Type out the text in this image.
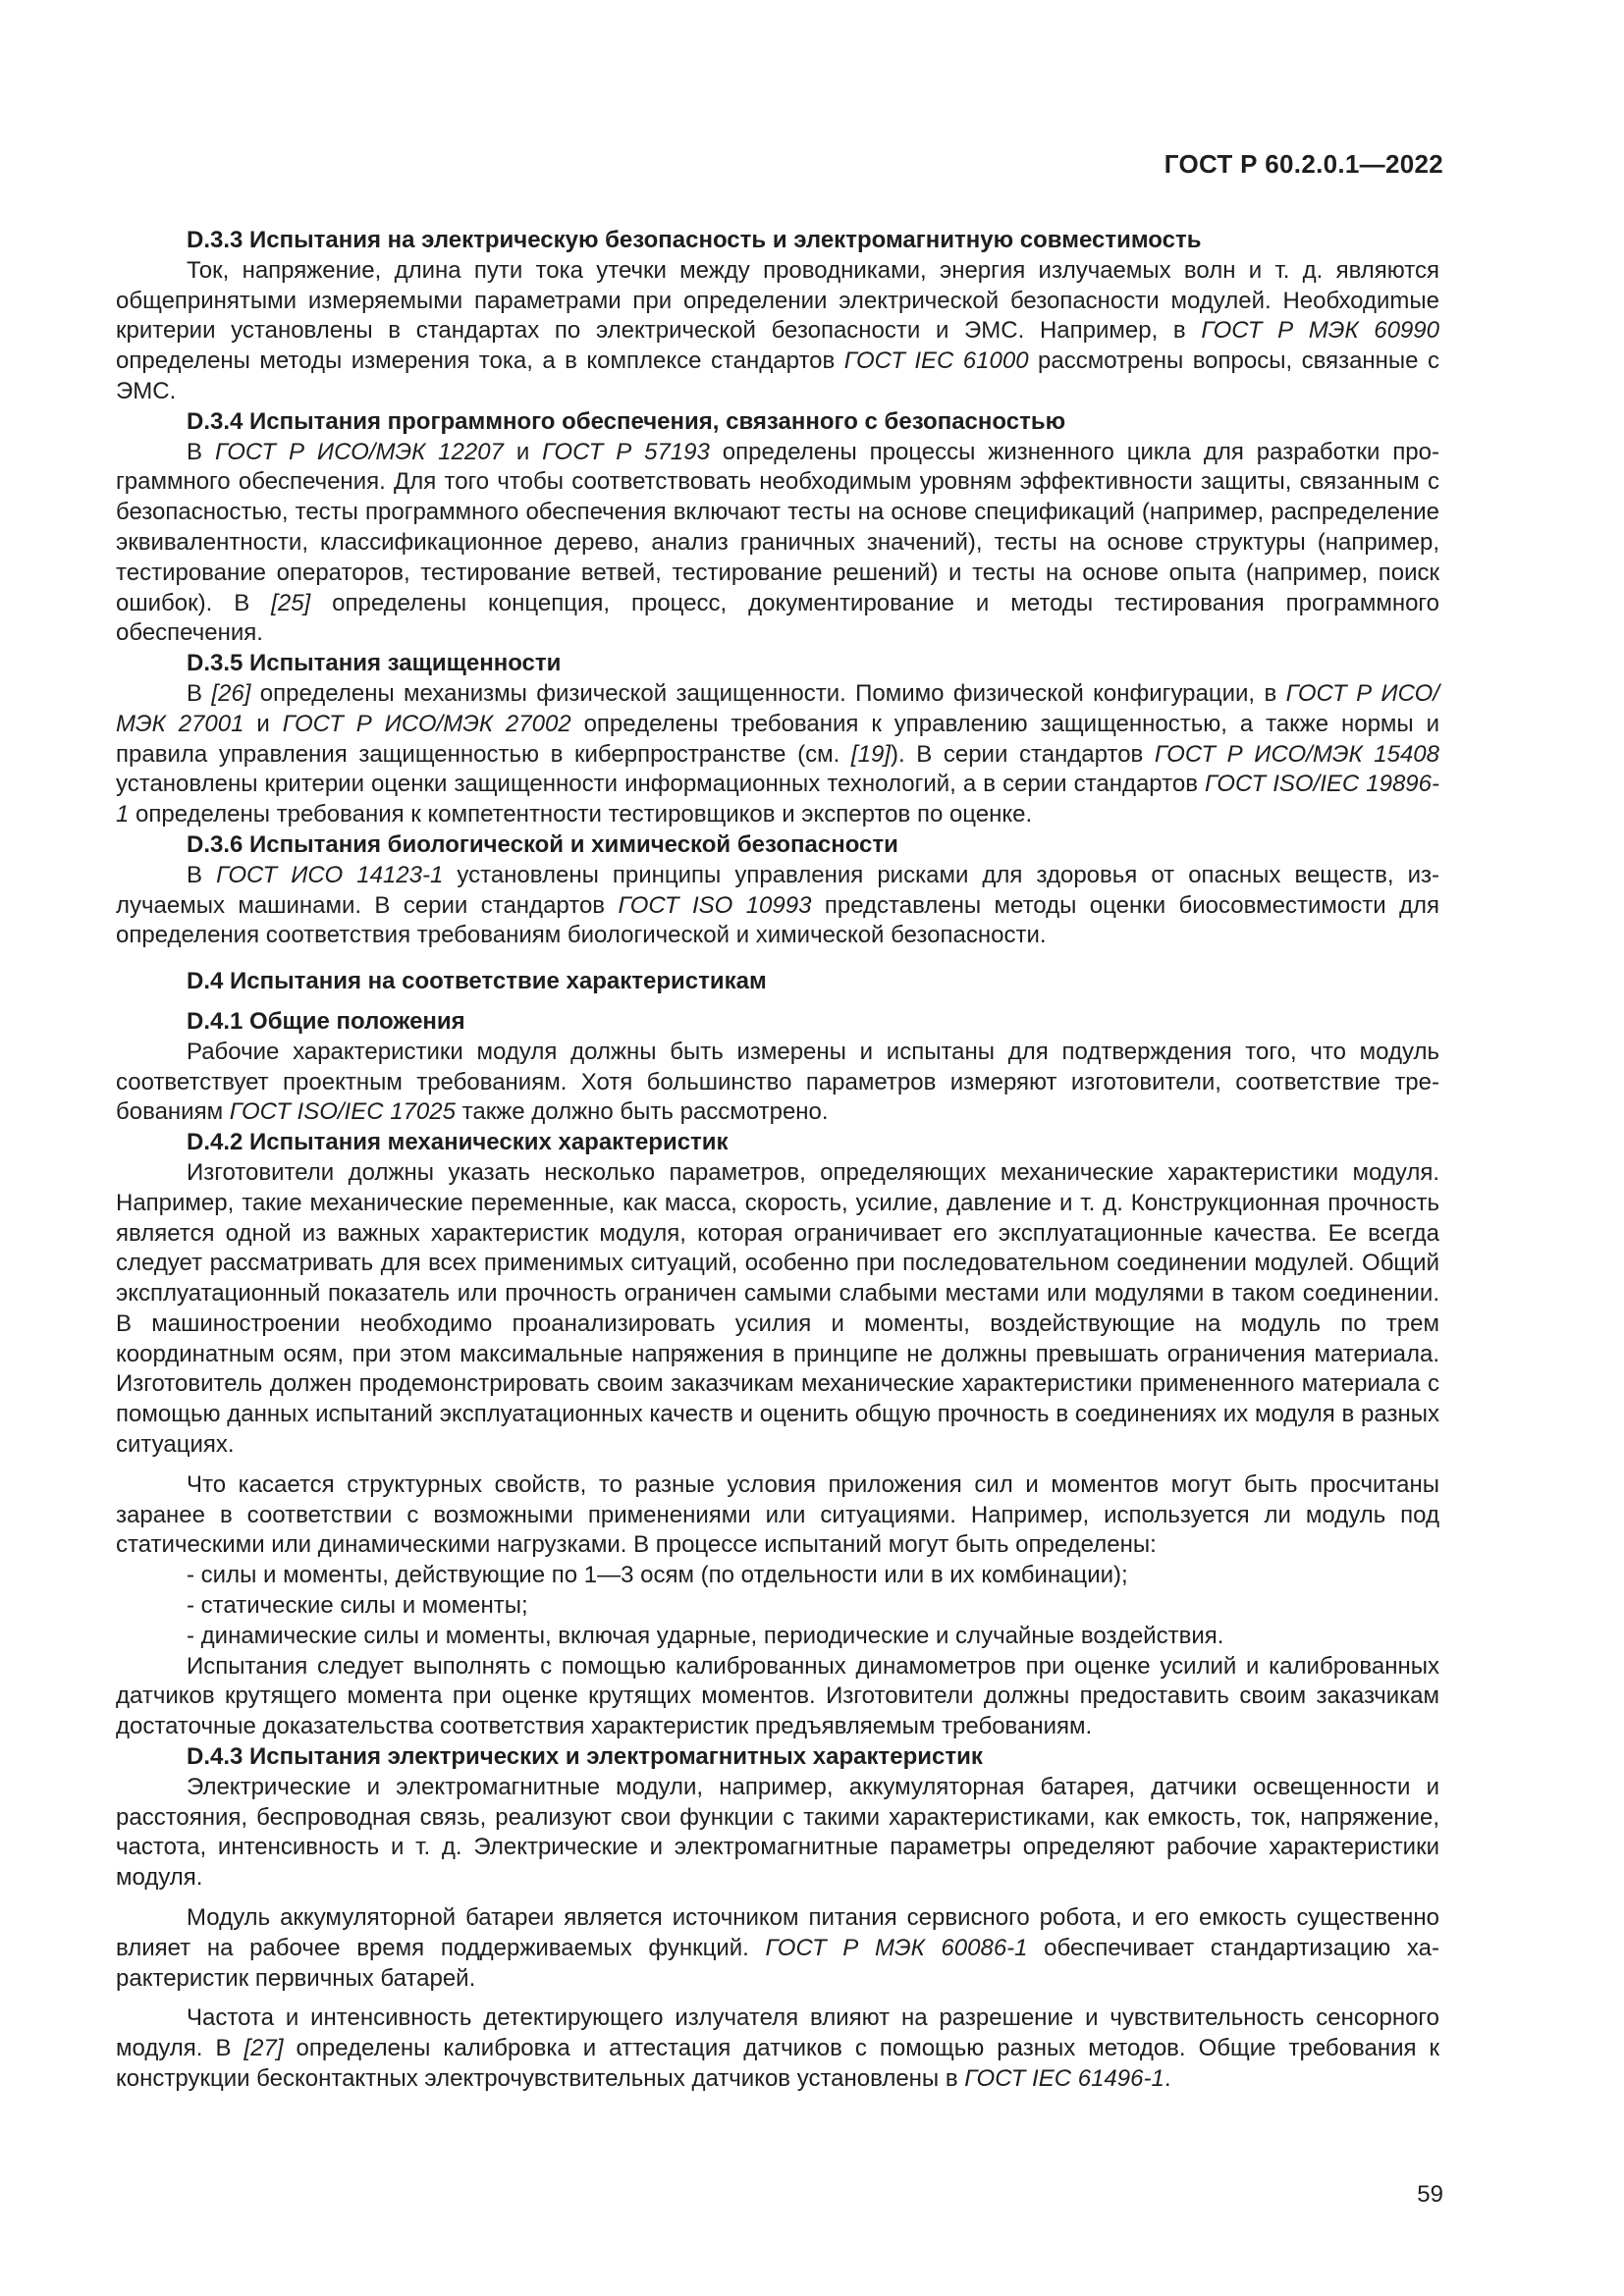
ГОСТ Р 60.2.0.1—2022
D.3.3 Испытания на электрическую безопасность и электромагнитную совместимость

Ток, напряжение, длина пути тока утечки между проводниками, энергия излучаемых волн и т. д. являются общепринятыми измеряемыми параметрами при определении электрической безопасности модулей. Необходиmые критерии установлены в стандартах по электрической безопасности и ЭМС. Например, в ГОСТ Р МЭК 60990 определены методы измерения тока, а в комплексе стандартов ГОСТ IEC 61000 рассмотрены вопросы, связанные с ЭМС.

D.3.4 Испытания программного обеспечения, связанного с безопасностью

В ГОСТ Р ИСО/МЭК 12207 и ГОСТ Р 57193 определены процессы жизненного цикла для разработки программного обеспечения. Для того чтобы соответствовать необходимым уровням эффективности защиты, связанным с безопасностью, тесты программного обеспечения включают тесты на основе спецификаций (например, распределение эквивалентности, классификационное дерево, анализ граничных значений), тесты на основе структуры (например, тестирование операторов, тестирование ветвей, тестирование решений) и тесты на основе опыта (например, поиск ошибок). В [25] определены концепция, процесс, документирование и методы тестирования программного обеспечения.

D.3.5 Испытания защищенности

В [26] определены механизмы физической защищенности. Помимо физической конфигурации, в ГОСТ Р ИСО/МЭК 27001 и ГОСТ Р ИСО/МЭК 27002 определены требования к управлению защищенностью, а также нормы и правила управления защищенностью в киберпространстве (см. [19]). В серии стандартов ГОСТ Р ИСО/МЭК 15408 установлены критерии оценки защищенности информационных технологий, а в серии стандартов ГОСТ ISO/IEC 19896-1 определены требования к компетентности тестировщиков и экспертов по оценке.

D.3.6 Испытания биологической и химической безопасности

В ГОСТ ИСО 14123-1 установлены принципы управления рисками для здоровья от опасных веществ, излучаемых машинами. В серии стандартов ГОСТ ISO 10993 представлены методы оценки биосовместимости для определения соответствия требованиям биологической и химической безопасности.

D.4 Испытания на соответствие характеристикам
D.4.1 Общие положения

Рабочие характеристики модуля должны быть измерены и испытаны для подтверждения того, что модуль соответствует проектным требованиям. Хотя большинство параметров измеряют изготовители, соответствие требованиям ГОСТ ISO/IEC 17025 также должно быть рассмотрено.

D.4.2 Испытания механических характеристик

Изготовители должны указать несколько параметров, определяющих механические характеристики модуля. Например, такие механические переменные, как масса, скорость, усилие, давление и т. д. Конструкционная прочность является одной из важных характеристик модуля, которая ограничивает его эксплуатационные качества. Ее всегда следует рассматривать для всех применимых ситуаций, особенно при последовательном соединении модулей. Общий эксплуатационный показатель или прочность ограничен самыми слабыми местами или модулями в таком соединении. В машиностроении необходимо проанализировать усилия и моменты, воздействующие на модуль по трем координатным осям, при этом максимальные напряжения в принципе не должны превышать ограничения материала. Изготовитель должен продемонстрировать своим заказчикам механические характеристики примененного материала с помощью данных испытаний эксплуатационных качеств и оценить общую прочность в соединениях их модуля в разных ситуациях.

Что касается структурных свойств, то разные условия приложения сил и моментов могут быть просчитаны заранее в соответствии с возможными применениями или ситуациями. Например, используется ли модуль под статическими или динамическими нагрузками. В процессе испытаний могут быть определены:

- силы и моменты, действующие по 1—3 осям (по отдельности или в их комбинации);

- статические силы и моменты;

- динамические силы и моменты, включая ударные, периодические и случайные воздействия.

Испытания следует выполнять с помощью калиброванных динамометров при оценке усилий и калиброванных датчиков крутящего момента при оценке крутящих моментов. Изготовители должны предоставить своим заказчикам достаточные доказательства соответствия характеристик предъявляемым требованиям.

D.4.3 Испытания электрических и электромагнитных характеристик

Электрические и электромагнитные модули, например, аккумуляторная батарея, датчики освещенности и расстояния, беспроводная связь, реализуют свои функции с такими характеристиками, как емкость, ток, напряжение, частота, интенсивность и т. д. Электрические и электромагнитные параметры определяют рабочие характеристики модуля.

Модуль аккумуляторной батареи является источником питания сервисного робота, и его емкость существенно влияет на рабочее время поддерживаемых функций. ГОСТ Р МЭК 60086-1 обеспечивает стандартизацию характеристик первичных батарей.

Частота и интенсивность детектирующего излучателя влияют на разрешение и чувствительность сенсорного модуля. В [27] определены калибровка и аттестация датчиков с помощью разных методов. Общие требования к конструкции бесконтактных электрочувствительных датчиков установлены в ГОСТ IEC 61496-1.

59
